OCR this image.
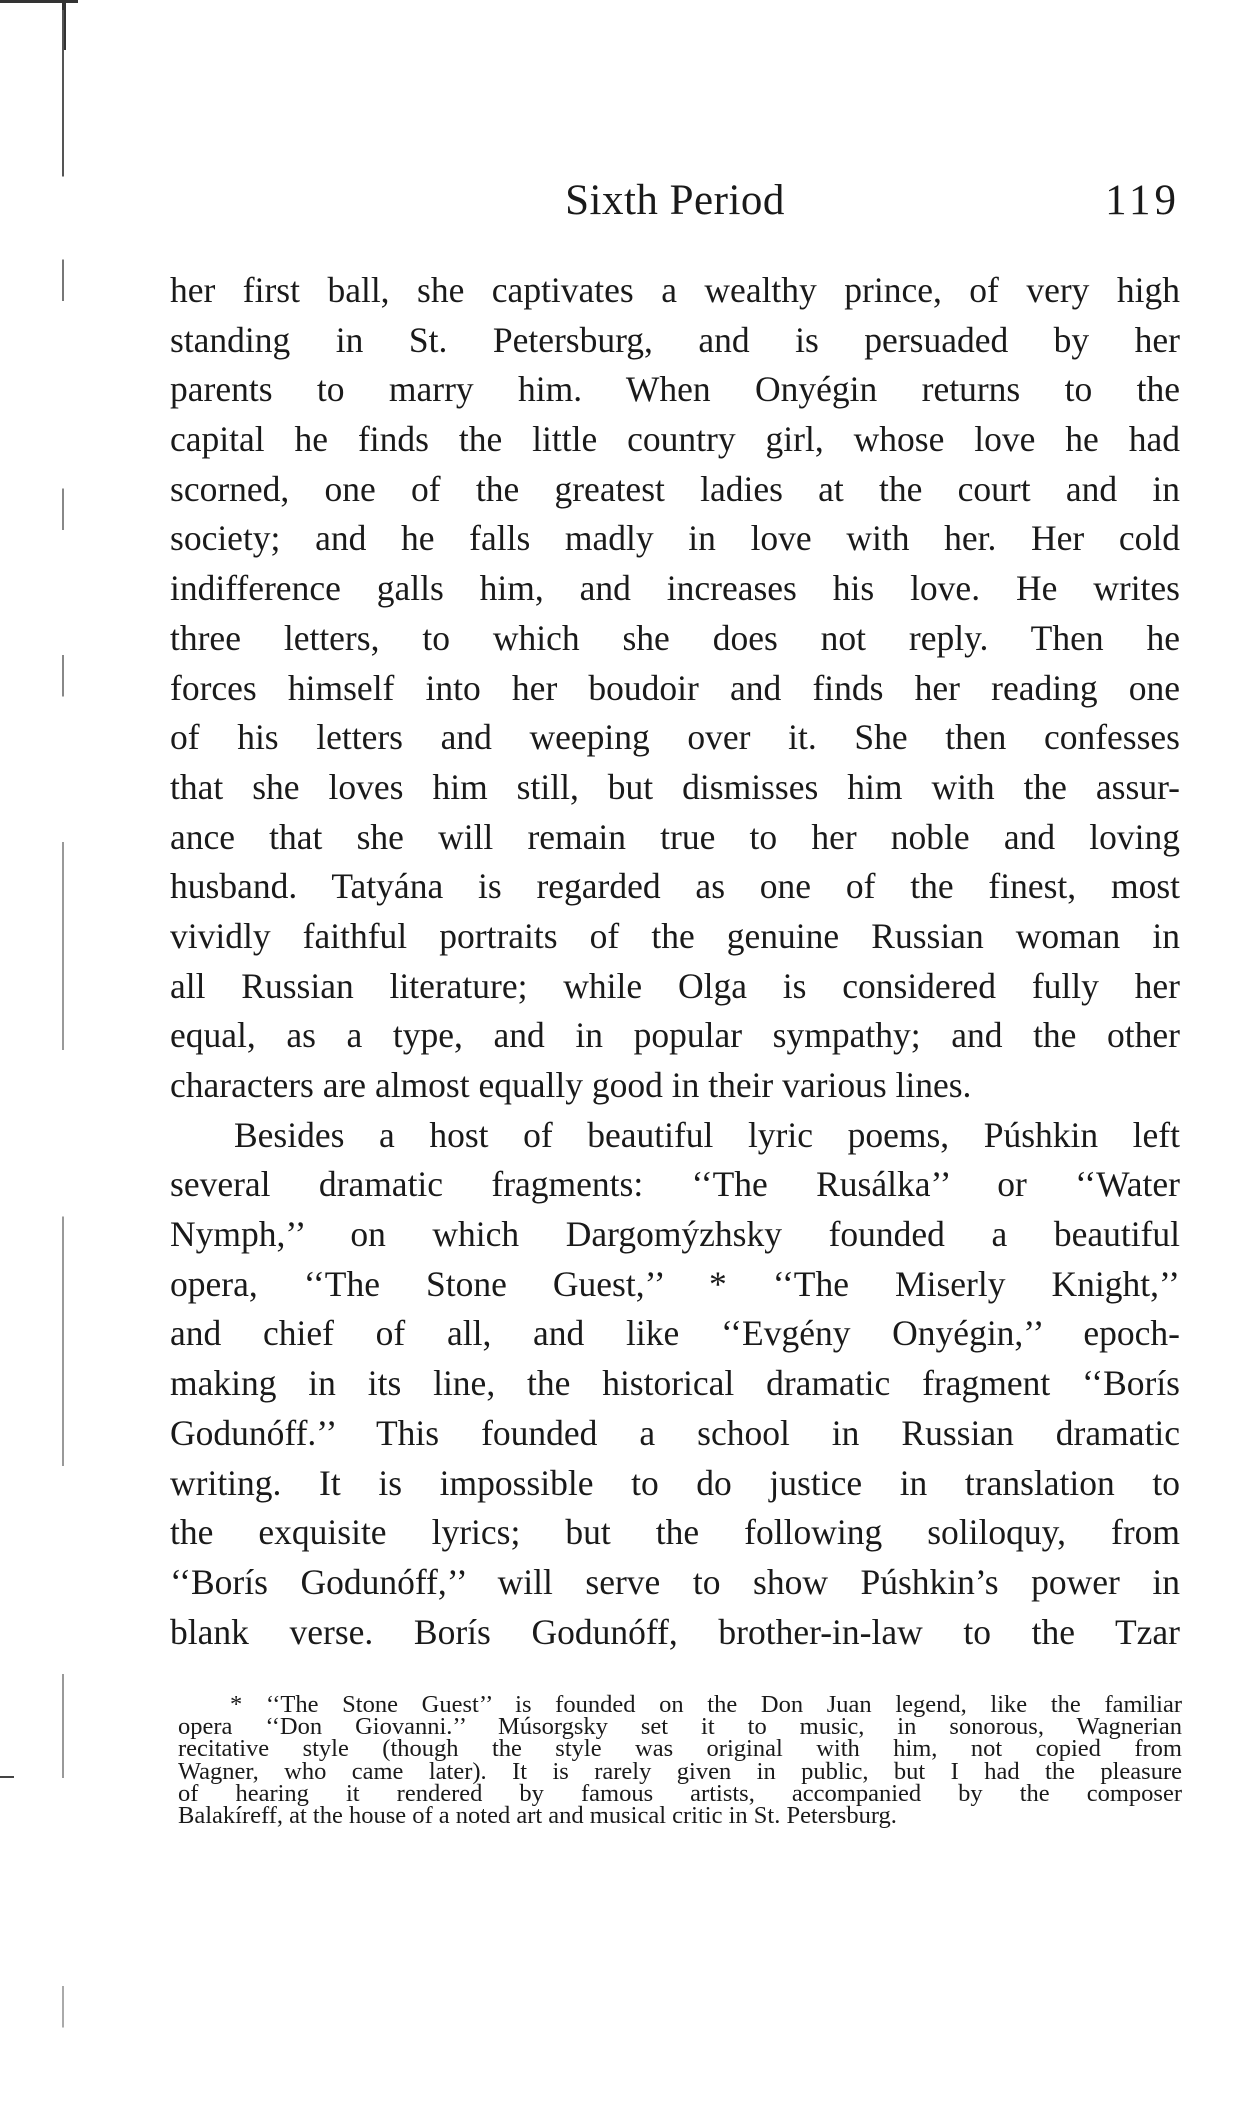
Sixth Period	119
her first ball, she captivates a wealthy prince, of very high
standing in St. Petersburg, and is persuaded by her
parents to marry him. When Onyégin returns to the
capital he finds the little country girl, whose love he had
scorned, one of the greatest ladies at the court and in
society; and he falls madly in love with her. Her cold
indifference galls him, and increases his love. He writes
three letters, to which she does not reply. Then he
forces himself into her boudoir and finds her reading one
of his letters and weeping over it. She then confesses
that she loves him still, but dismisses him with the assur-
ance that she will remain true to her noble and loving
husband. Tatyána is regarded as one of the finest, most
vividly faithful portraits of the genuine Russian woman in
all Russian literature; while Olga is considered fully her
equal, as a type, and in popular sympathy; and the other
characters are almost equally good in their various lines.
Besides a host of beautiful lyric poems, Púshkin left
several dramatic fragments: ‘‘The Rusálka’’ or ‘‘Water
Nymph,’’ on which Dargomýzhsky founded a beautiful
opera, ‘‘The Stone Guest,’’ * ‘‘The Miserly Knight,’’
and chief of all, and like ‘‘Evgény Onyégin,’’ epoch-
making in its line, the historical dramatic fragment ‘‘Borís
Godunóff.’’ This founded a school in Russian dramatic
writing. It is impossible to do justice in translation to
the exquisite lyrics; but the following soliloquy, from
‘‘Borís Godunóff,’’ will serve to show Púshkin’s power in
blank verse. Borís Godunóff, brother-in-law to the Tzar
* ‘‘The Stone Guest’’ is founded on the Don Juan legend, like the familiar
opera ‘‘Don Giovanni.’’ Músorgsky set it to music, in sonorous, Wagnerian
recitative style (though the style was original with him, not copied from
Wagner, who came later). It is rarely given in public, but I had the pleasure
of hearing it rendered by famous artists, accompanied by the composer
Balakíreff, at the house of a noted art and musical critic in St. Petersburg.
